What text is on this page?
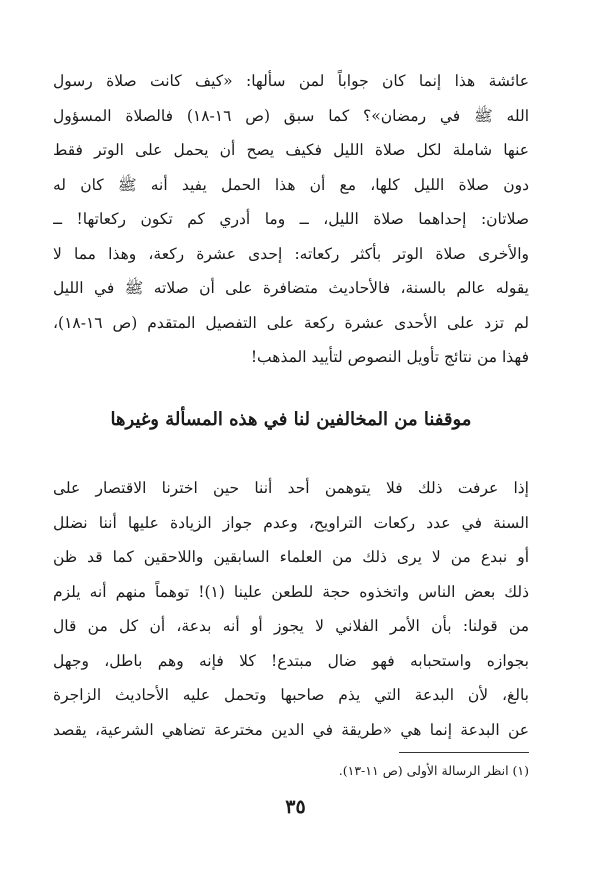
عائشة هذا إنما كان جواباً لمن سألها: «كيف كانت صلاة رسول
الله ﷺ في رمضان»؟ كما سبق (ص ١٦-١٨) فالصلاة المسؤول
عنها شاملة لكل صلاة الليل فكيف يصح أن يحمل على الوتر فقط
دون صلاة الليل كلها، مع أن هذا الحمل يفيد أنه ﷺ كان له
صلاتان: إحداهما صلاة الليل، ــ وما أدري كم تكون ركعاتها! ــ
والأخرى صلاة الوتر بأكثر ركعاته: إحدى عشرة ركعة، وهذا مما لا
يقوله عالم بالسنة، فالأحاديث متضافرة على أن صلاته ﷺ في الليل
لم تزد على الأحدى عشرة ركعة على التفصيل المتقدم (ص ١٦-١٨)،
فهذا من نتائج تأويل النصوص لتأييد المذهب!
موقفنا من المخالفين لنا في هذه المسألة وغيرها
إذا عرفت ذلك فلا يتوهمن أحد أننا حين اخترنا الاقتصار على
السنة في عدد ركعات التراويح، وعدم جواز الزيادة عليها أننا نضلل
أو نبدع من لا يرى ذلك من العلماء السابقين واللاحقين كما قد ظن
ذلك بعض الناس واتخذوه حجة للطعن علينا (١)! توهماً منهم أنه يلزم
من قولنا: بأن الأمر الفلاني لا يجوز أو أنه بدعة، أن كل من قال
بجوازه واستحبابه فهو ضال مبتدع! كلا فإنه وهم باطل، وجهل
بالغ، لأن البدعة التي يذم صاحبها وتحمل عليه الأحاديث الزاجرة
عن البدعة إنما هي «طريقة في الدين مخترعة تضاهي الشرعية، يقصد
(١) انظر الرسالة الأولى (ص ١١-١٣).
٣٥
